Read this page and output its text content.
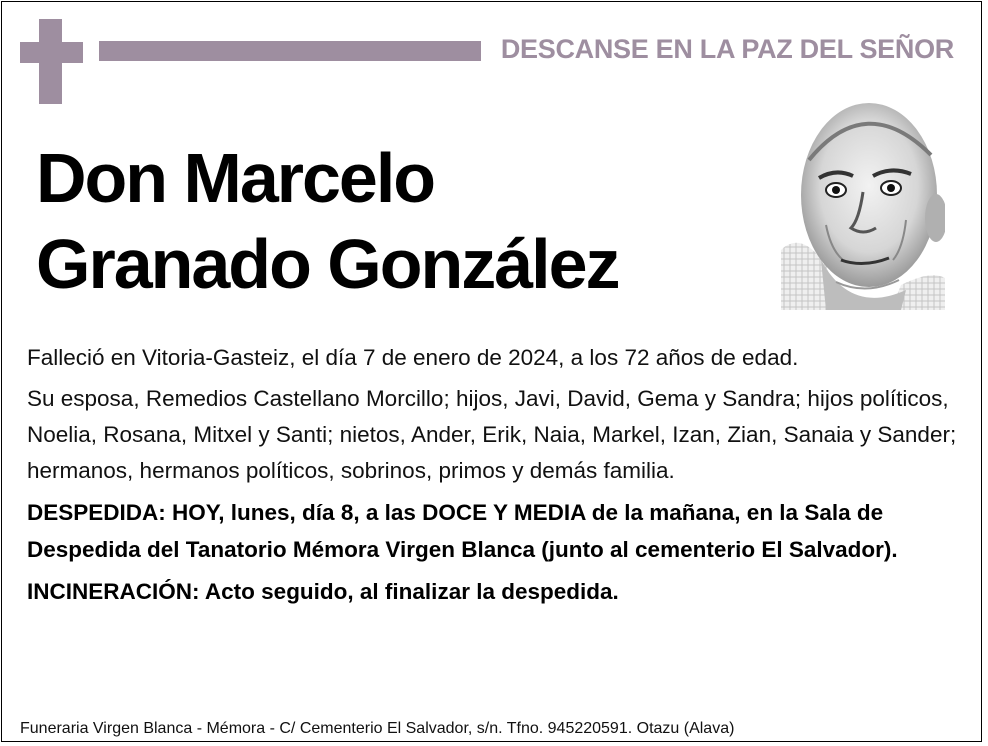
DESCANSE EN LA PAZ DEL SEÑOR
Don Marcelo
Granado González

Falleció en Vitoria-Gasteiz, el día 7 de enero de 2024, a los 72 años de edad.

Su esposa, Remedios Castellano Morcillo; hijos, Javi, David, Gema y Sandra; hijos políticos, Noelia, Rosana, Mitxel y Santi; nietos, Ander, Erik, Naia, Markel, Izan, Zian, Sanaia y Sander; hermanos, hermanos políticos, sobrinos, primos y demás familia.

DESPEDIDA: HOY, lunes, día 8, a las DOCE Y MEDIA de la mañana, en la Sala de Despedida del Tanatorio Mémora Virgen Blanca (junto al cementerio El Salvador).

INCINERACIÓN: Acto seguido, al finalizar la despedida.

Funeraria Virgen Blanca - Mémora - C/ Cementerio El Salvador, s/n. Tfno. 945220591. Otazu (Alava)
